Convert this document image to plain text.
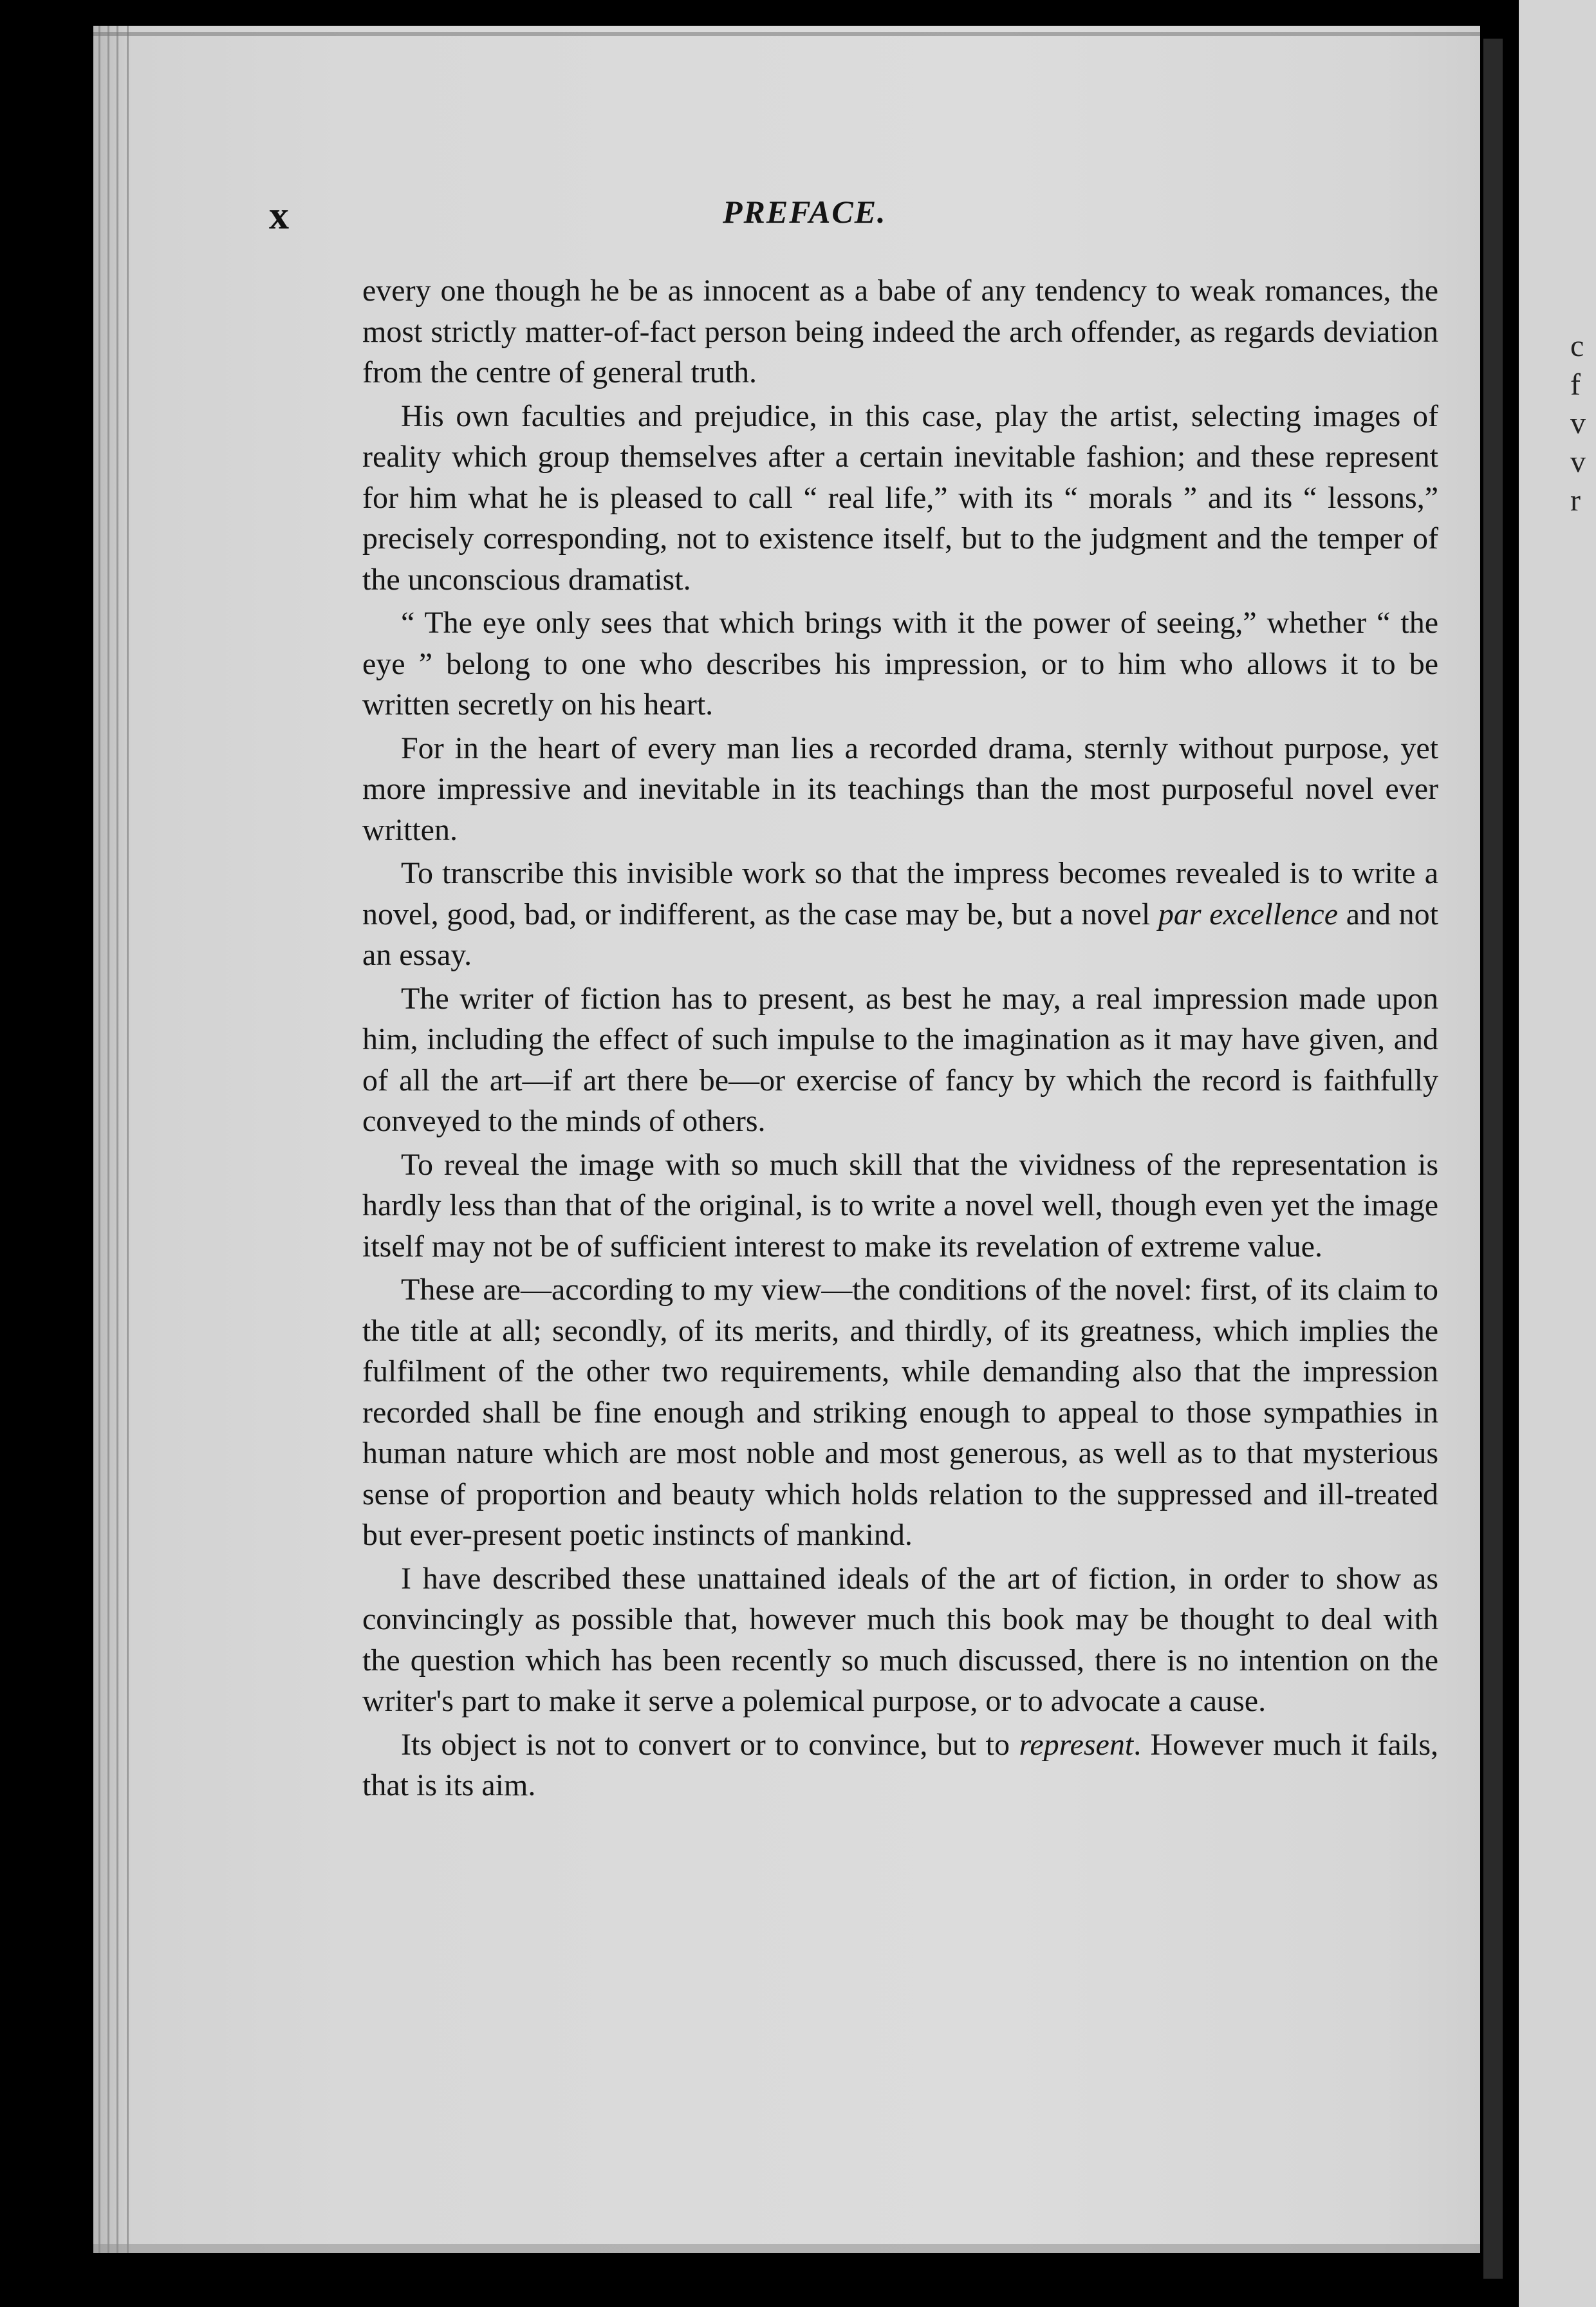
x	PREFACE.

every one though he be as innocent as a babe of any tendency to weak romances, the most strictly matter-of-fact person being indeed the arch offender, as regards deviation from the centre of general truth.

His own faculties and prejudice, in this case, play the artist, selecting images of reality which group themselves after a certain inevitable fashion; and these represent for him what he is pleased to call “ real life,” with its “ morals ” and its “ lessons,” precisely corresponding, not to existence itself, but to the judgment and the temper of the unconscious dramatist.

“ The eye only sees that which brings with it the power of seeing,” whether “ the eye ” belong to one who describes his impression, or to him who allows it to be written secretly on his heart.

For in the heart of every man lies a recorded drama, sternly without purpose, yet more impressive and inevitable in its teachings than the most purposeful novel ever written.

To transcribe this invisible work so that the impress becomes revealed is to write a novel, good, bad, or indifferent, as the case may be, but a novel par excellence and not an essay.

The writer of fiction has to present, as best he may, a real impression made upon him, including the effect of such impulse to the imagination as it may have given, and of all the art—if art there be—or exercise of fancy by which the record is faithfully conveyed to the minds of others.

To reveal the image with so much skill that the vividness of the representation is hardly less than that of the original, is to write a novel well, though even yet the image itself may not be of sufficient interest to make its revelation of extreme value.

These are—according to my view—the conditions of the novel: first, of its claim to the title at all; secondly, of its merits, and thirdly, of its greatness, which implies the fulfilment of the other two requirements, while demanding also that the impression recorded shall be fine enough and striking enough to appeal to those sympathies in human nature which are most noble and most generous, as well as to that mysterious sense of proportion and beauty which holds relation to the suppressed and ill-treated but ever-present poetic instincts of mankind.

I have described these unattained ideals of the art of fiction, in order to show as convincingly as possible that, however much this book may be thought to deal with the question which has been recently so much discussed, there is no intention on the writer's part to make it serve a polemical purpose, or to advocate a cause.

Its object is not to convert or to convince, but to represent. However much it fails, that is its aim.

c
f
v
v
r
